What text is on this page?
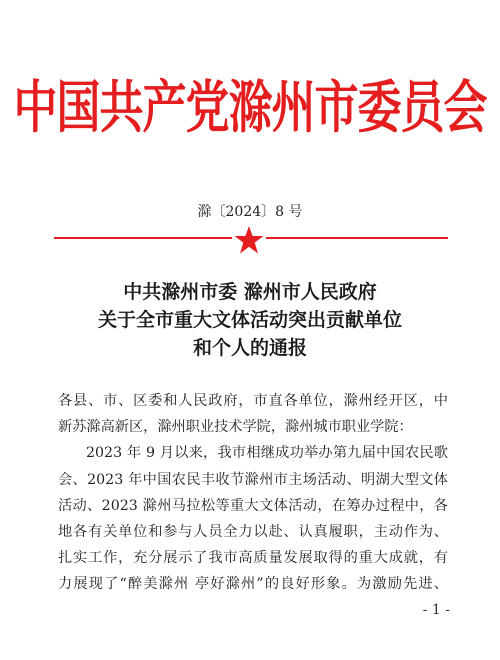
中国共产党滁州市委员会
滁〔2024〕8 号
中共滁州市委 滁州市人民政府
关于全市重大文体活动突出贡献单位
和个人的通报
各县、市、区委和人民政府，市直各单位，滁州经开区，中
新苏滁高新区，滁州职业技术学院，滁州城市职业学院：
2023 年 9 月以来，我市相继成功举办第九届中国农民歌
会、2023 年中国农民丰收节滁州市主场活动、明湖大型文体
活动、2023 滁州马拉松等重大文体活动，在筹办过程中，各
地各有关单位和参与人员全力以赴、认真履职，主动作为、
扎实工作，充分展示了我市高质量发展取得的重大成就，有
力展现了“醉美滁州 亭好滁州”的良好形象。为激励先进、
- 1 -
